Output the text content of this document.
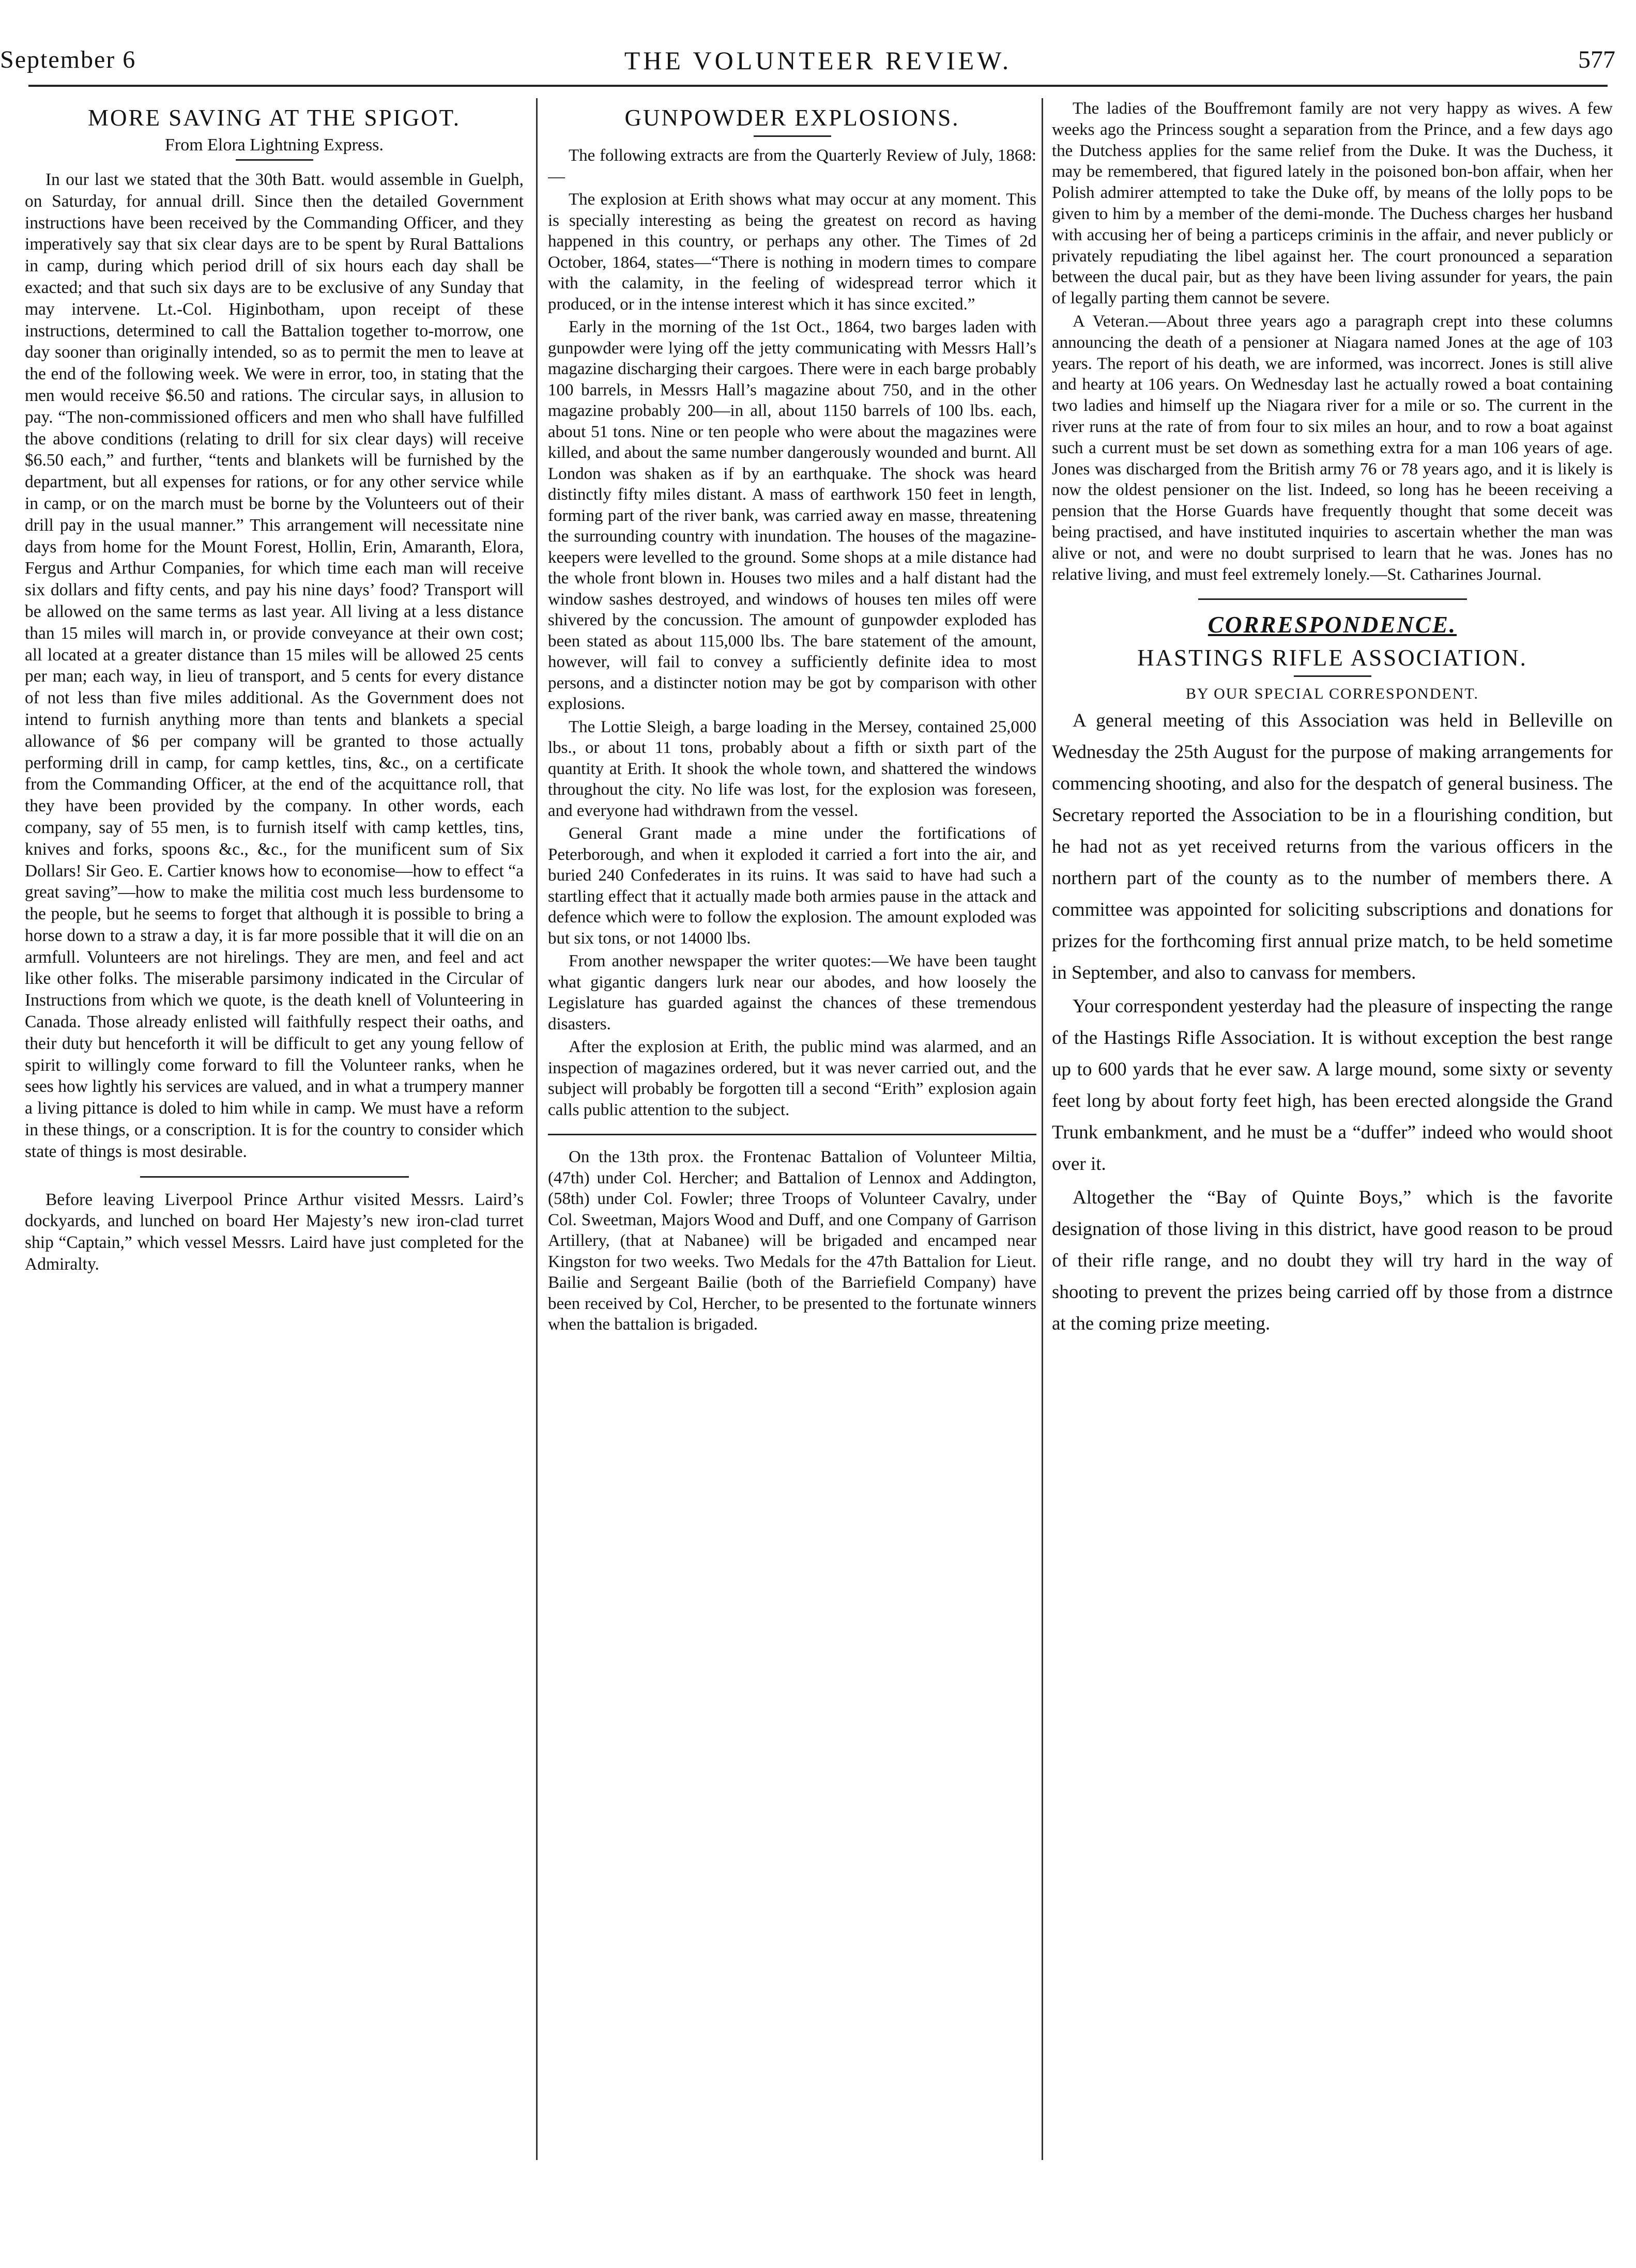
September 6	THE VOLUNTEER REVIEW.	577
MORE SAVING AT THE SPIGOT.
From Elora Lightning Express.

In our last we stated that the 30th Batt. would assemble in Guelph, on Saturday, for annual drill. Since then the detailed Government instructions have been received by the Commanding Officer, and they imperatively say that six clear days are to be spent by Rural Battalions in camp, during which period drill of six hours each day shall be exacted; and that such six days are to be exclusive of any Sunday that may intervene. Lt.-Col. Higinbotham, upon receipt of these instructions, determined to call the Battalion together to-morrow, one day sooner than originally intended, so as to permit the men to leave at the end of the following week. We were in error, too, in stating that the men would receive $6.50 and rations. The circular says, in allusion to pay. “The non-commissioned officers and men who shall have fulfilled the above conditions (relating to drill for six clear days) will receive $6.50 each,” and further, “tents and blankets will be furnished by the department, but all expenses for rations, or for any other service while in camp, or on the march must be borne by the Volunteers out of their drill pay in the usual manner.” This arrangement will necessitate nine days from home for the Mount Forest, Hollin, Erin, Amaranth, Elora, Fergus and Arthur Companies, for which time each man will receive six dollars and fifty cents, and pay his nine days’ food? Transport will be allowed on the same terms as last year. All living at a less distance than 15 miles will march in, or provide conveyance at their own cost; all located at a greater distance than 15 miles will be allowed 25 cents per man; each way, in lieu of transport, and 5 cents for every distance of not less than five miles additional. As the Government does not intend to furnish anything more than tents and blankets a special allowance of $6 per company will be granted to those actually performing drill in camp, for camp kettles, tins, &c., on a certificate from the Commanding Officer, at the end of the acquittance roll, that they have been provided by the company. In other words, each company, say of 55 men, is to furnish itself with camp kettles, tins, knives and forks, spoons &c., &c., for the munificent sum of Six Dollars! Sir Geo. E. Cartier knows how to economise—how to effect “a great saving”—how to make the militia cost much less burdensome to the people, but he seems to forget that although it is possible to bring a horse down to a straw a day, it is far more possible that it will die on an armfull. Volunteers are not hirelings. They are men, and feel and act like other folks. The miserable parsimony indicated in the Circular of Instructions from which we quote, is the death knell of Volunteering in Canada. Those already enlisted will faithfully respect their oaths, and their duty but henceforth it will be difficult to get any young fellow of spirit to willingly come forward to fill the Volunteer ranks, when he sees how lightly his services are valued, and in what a trumpery manner a living pittance is doled to him while in camp. We must have a reform in these things, or a conscription. It is for the country to consider which state of things is most desirable.

Before leaving Liverpool Prince Arthur visited Messrs. Laird’s dockyards, and lunched on board Her Majesty’s new iron-clad turret ship “Captain,” which vessel Messrs. Laird have just completed for the Admiralty.

GUNPOWDER EXPLOSIONS.

The following extracts are from the Quarterly Review of July, 1868:—

The explosion at Erith shows what may occur at any moment. This is specially interesting as being the greatest on record as having happened in this country, or perhaps any other. The Times of 2d October, 1864, states—“There is nothing in modern times to compare with the calamity, in the feeling of widespread terror which it produced, or in the intense interest which it has since excited.”

Early in the morning of the 1st Oct., 1864, two barges laden with gunpowder were lying off the jetty communicating with Messrs Hall’s magazine discharging their cargoes. There were in each barge probably 100 barrels, in Messrs Hall’s magazine about 750, and in the other magazine probably 200—in all, about 1150 barrels of 100 lbs. each, about 51 tons. Nine or ten people who were about the magazines were killed, and about the same number dangerously wounded and burnt. All London was shaken as if by an earthquake. The shock was heard distinctly fifty miles distant. A mass of earthwork 150 feet in length, forming part of the river bank, was carried away en masse, threatening the surrounding country with inundation. The houses of the magazine-keepers were levelled to the ground. Some shops at a mile distance had the whole front blown in. Houses two miles and a half distant had the window sashes destroyed, and windows of houses ten miles off were shivered by the concussion. The amount of gunpowder exploded has been stated as about 115,000 lbs. The bare statement of the amount, however, will fail to convey a sufficiently definite idea to most persons, and a distincter notion may be got by comparison with other explosions.

The Lottie Sleigh, a barge loading in the Mersey, contained 25,000 lbs., or about 11 tons, probably about a fifth or sixth part of the quantity at Erith. It shook the whole town, and shattered the windows throughout the city. No life was lost, for the explosion was foreseen, and everyone had withdrawn from the vessel.

General Grant made a mine under the fortifications of Peterborough, and when it exploded it carried a fort into the air, and buried 240 Confederates in its ruins. It was said to have had such a startling effect that it actually made both armies pause in the attack and defence which were to follow the explosion. The amount exploded was but six tons, or not 14000 lbs.

From another newspaper the writer quotes:—We have been taught what gigantic dangers lurk near our abodes, and how loosely the Legislature has guarded against the chances of these tremendous disasters.

After the explosion at Erith, the public mind was alarmed, and an inspection of magazines ordered, but it was never carried out, and the subject will probably be forgotten till a second “Erith” explosion again calls public attention to the subject.

On the 13th prox. the Frontenac Battalion of Volunteer Miltia, (47th) under Col. Hercher; and Battalion of Lennox and Addington, (58th) under Col. Fowler; three Troops of Volunteer Cavalry, under Col. Sweetman, Majors Wood and Duff, and one Company of Garrison Artillery, (that at Nabanee) will be brigaded and encamped near Kingston for two weeks. Two Medals for the 47th Battalion for Lieut. Bailie and Sergeant Bailie (both of the Barriefield Company) have been received by Col, Hercher, to be presented to the fortunate winners when the battalion is brigaded.

The ladies of the Bouffremont family are not very happy as wives. A few weeks ago the Princess sought a separation from the Prince, and a few days ago the Dutchess applies for the same relief from the Duke. It was the Duchess, it may be remembered, that figured lately in the poisoned bon-bon affair, when her Polish admirer attempted to take the Duke off, by means of the lolly pops to be given to him by a member of the demi-monde. The Duchess charges her husband with accusing her of being a particeps criminis in the affair, and never publicly or privately repudiating the libel against her. The court pronounced a separation between the ducal pair, but as they have been living assunder for years, the pain of legally parting them cannot be severe.

A Veteran.—About three years ago a paragraph crept into these columns announcing the death of a pensioner at Niagara named Jones at the age of 103 years. The report of his death, we are informed, was incorrect. Jones is still alive and hearty at 106 years. On Wednesday last he actually rowed a boat containing two ladies and himself up the Niagara river for a mile or so. The current in the river runs at the rate of from four to six miles an hour, and to row a boat against such a current must be set down as something extra for a man 106 years of age. Jones was discharged from the British army 76 or 78 years ago, and it is likely is now the oldest pensioner on the list. Indeed, so long has he beeen receiving a pension that the Horse Guards have frequently thought that some deceit was being practised, and have instituted inquiries to ascertain whether the man was alive or not, and were no doubt surprised to learn that he was. Jones has no relative living, and must feel extremely lonely.—St. Catharines Journal.

CORRESPONDENCE.
HASTINGS RIFLE ASSOCIATION.
BY OUR SPECIAL CORRESPONDENT.

A general meeting of this Association was held in Belleville on Wednesday the 25th August for the purpose of making arrangements for commencing shooting, and also for the despatch of general business. The Secretary reported the Association to be in a flourishing condition, but he had not as yet received returns from the various officers in the northern part of the county as to the number of members there. A committee was appointed for soliciting subscriptions and donations for prizes for the forthcoming first annual prize match, to be held sometime in September, and also to canvass for members.

Your correspondent yesterday had the pleasure of inspecting the range of the Hastings Rifle Association. It is without exception the best range up to 600 yards that he ever saw. A large mound, some sixty or seventy feet long by about forty feet high, has been erected alongside the Grand Trunk embankment, and he must be a “duffer” indeed who would shoot over it.

Altogether the “Bay of Quinte Boys,” which is the favorite designation of those living in this district, have good reason to be proud of their rifle range, and no doubt they will try hard in the way of shooting to prevent the prizes being carried off by those from a distrnce at the coming prize meeting.
